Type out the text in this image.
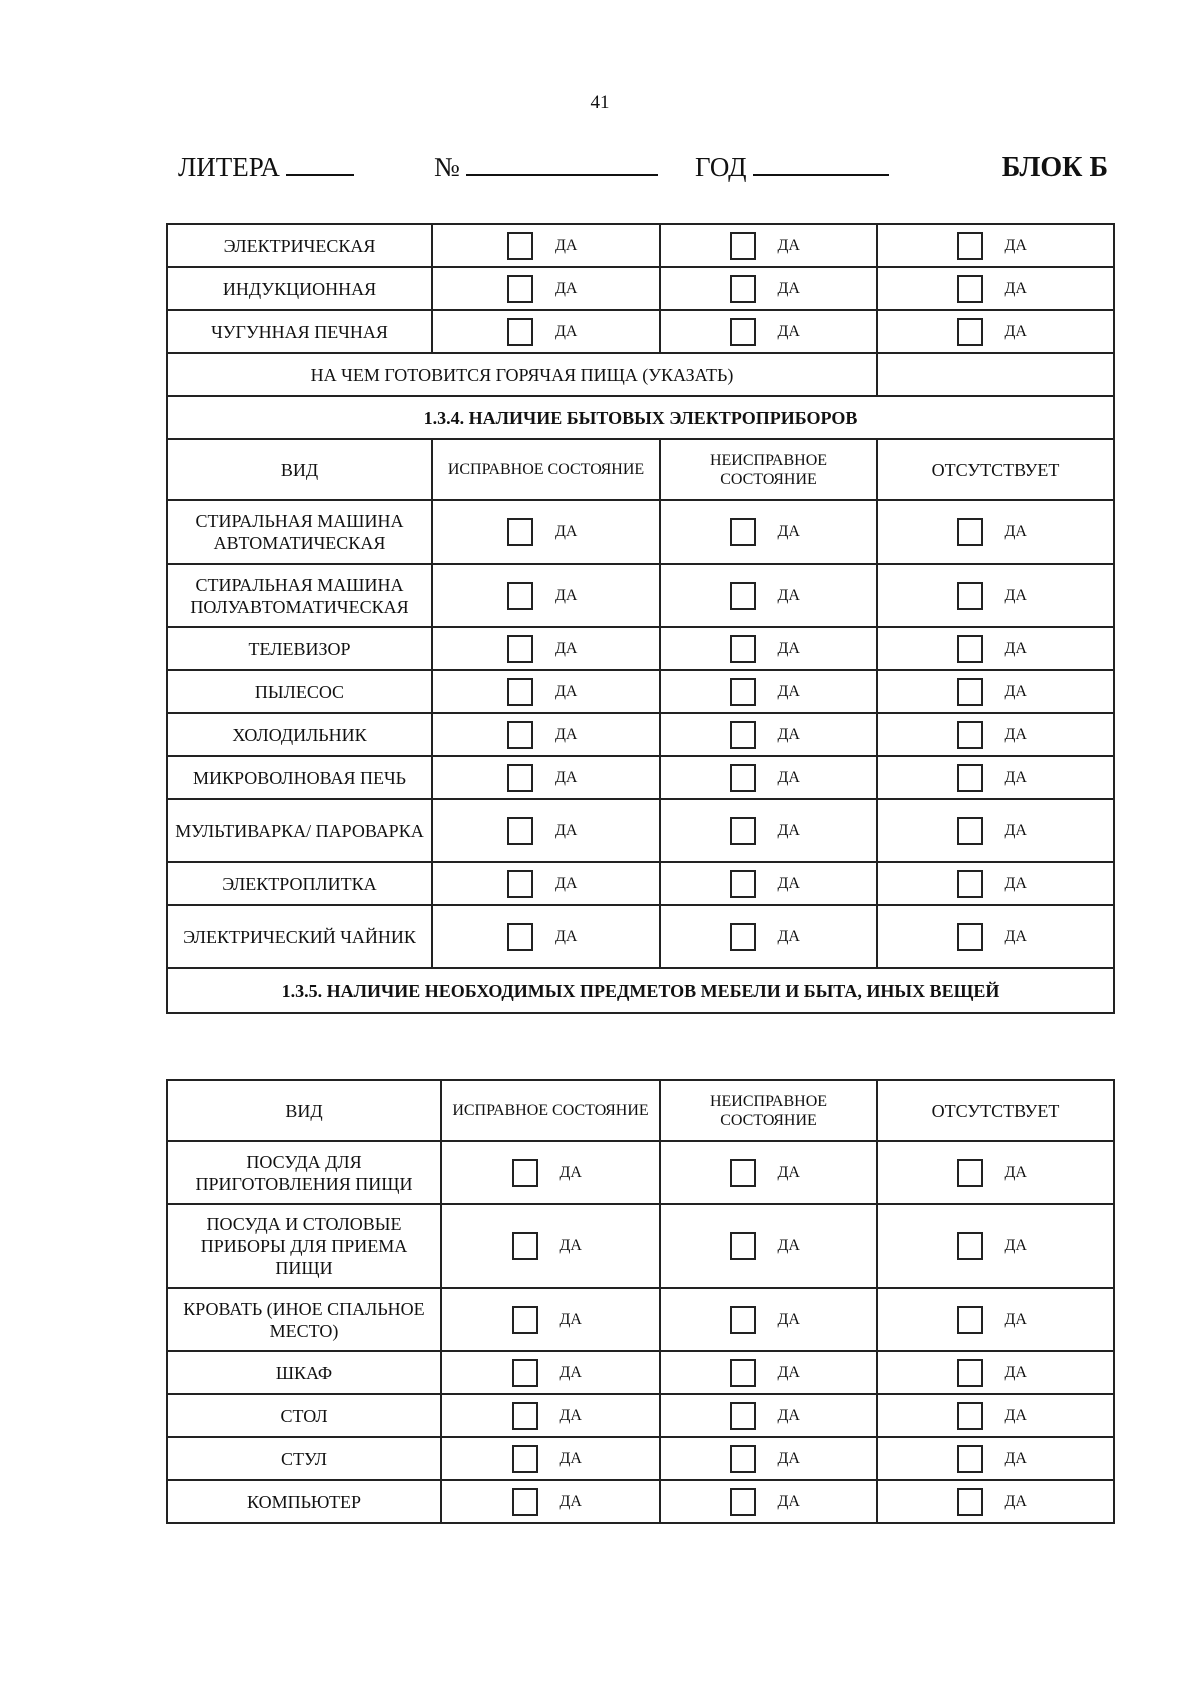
41
ЛИТЕРА	№	ГОД	БЛОК Б
ЭЛЕКТРИЧЕСКАЯ	ДА	ДА	ДА
ИНДУКЦИОННАЯ	ДА	ДА	ДА
ЧУГУННАЯ ПЕЧНАЯ	ДА	ДА	ДА
НА ЧЕМ ГОТОВИТСЯ ГОРЯЧАЯ ПИЩА (УКАЗАТЬ)			
1.3.4. НАЛИЧИЕ БЫТОВЫХ ЭЛЕКТРОПРИБОРОВ			
ВИД	ИСПРАВНОЕ СОСТОЯНИЕ	НЕИСПРАВНОЕ СОСТОЯНИЕ	ОТСУТСТВУЕТ
СТИРАЛЬНАЯ МАШИНА АВТОМАТИЧЕСКАЯ	ДА	ДА	ДА
СТИРАЛЬНАЯ МАШИНА ПОЛУАВТОМАТИЧЕСКАЯ	ДА	ДА	ДА
ТЕЛЕВИЗОР	ДА	ДА	ДА
ПЫЛЕСОС	ДА	ДА	ДА
ХОЛОДИЛЬНИК	ДА	ДА	ДА
МИКРОВОЛНОВАЯ ПЕЧЬ	ДА	ДА	ДА
МУЛЬТИВАРКА/ ПАРОВАРКА	ДА	ДА	ДА
ЭЛЕКТРОПЛИТКА	ДА	ДА	ДА
ЭЛЕКТРИЧЕСКИЙ ЧАЙНИК	ДА	ДА	ДА
1.3.5. НАЛИЧИЕ НЕОБХОДИМЫХ ПРЕДМЕТОВ МЕБЕЛИ И БЫТА, ИНЫХ ВЕЩЕЙ			
ВИД	ИСПРАВНОЕ СОСТОЯНИЕ	НЕИСПРАВНОЕ СОСТОЯНИЕ	ОТСУТСТВУЕТ
ПОСУДА ДЛЯ ПРИГОТОВЛЕНИЯ ПИЩИ	ДА	ДА	ДА
ПОСУДА И СТОЛОВЫЕ ПРИБОРЫ ДЛЯ ПРИЕМА ПИЩИ	ДА	ДА	ДА
КРОВАТЬ (ИНОЕ СПАЛЬНОЕ МЕСТО)	ДА	ДА	ДА
ШКАФ	ДА	ДА	ДА
СТОЛ	ДА	ДА	ДА
СТУЛ	ДА	ДА	ДА
КОМПЬЮТЕР	ДА	ДА	ДА
